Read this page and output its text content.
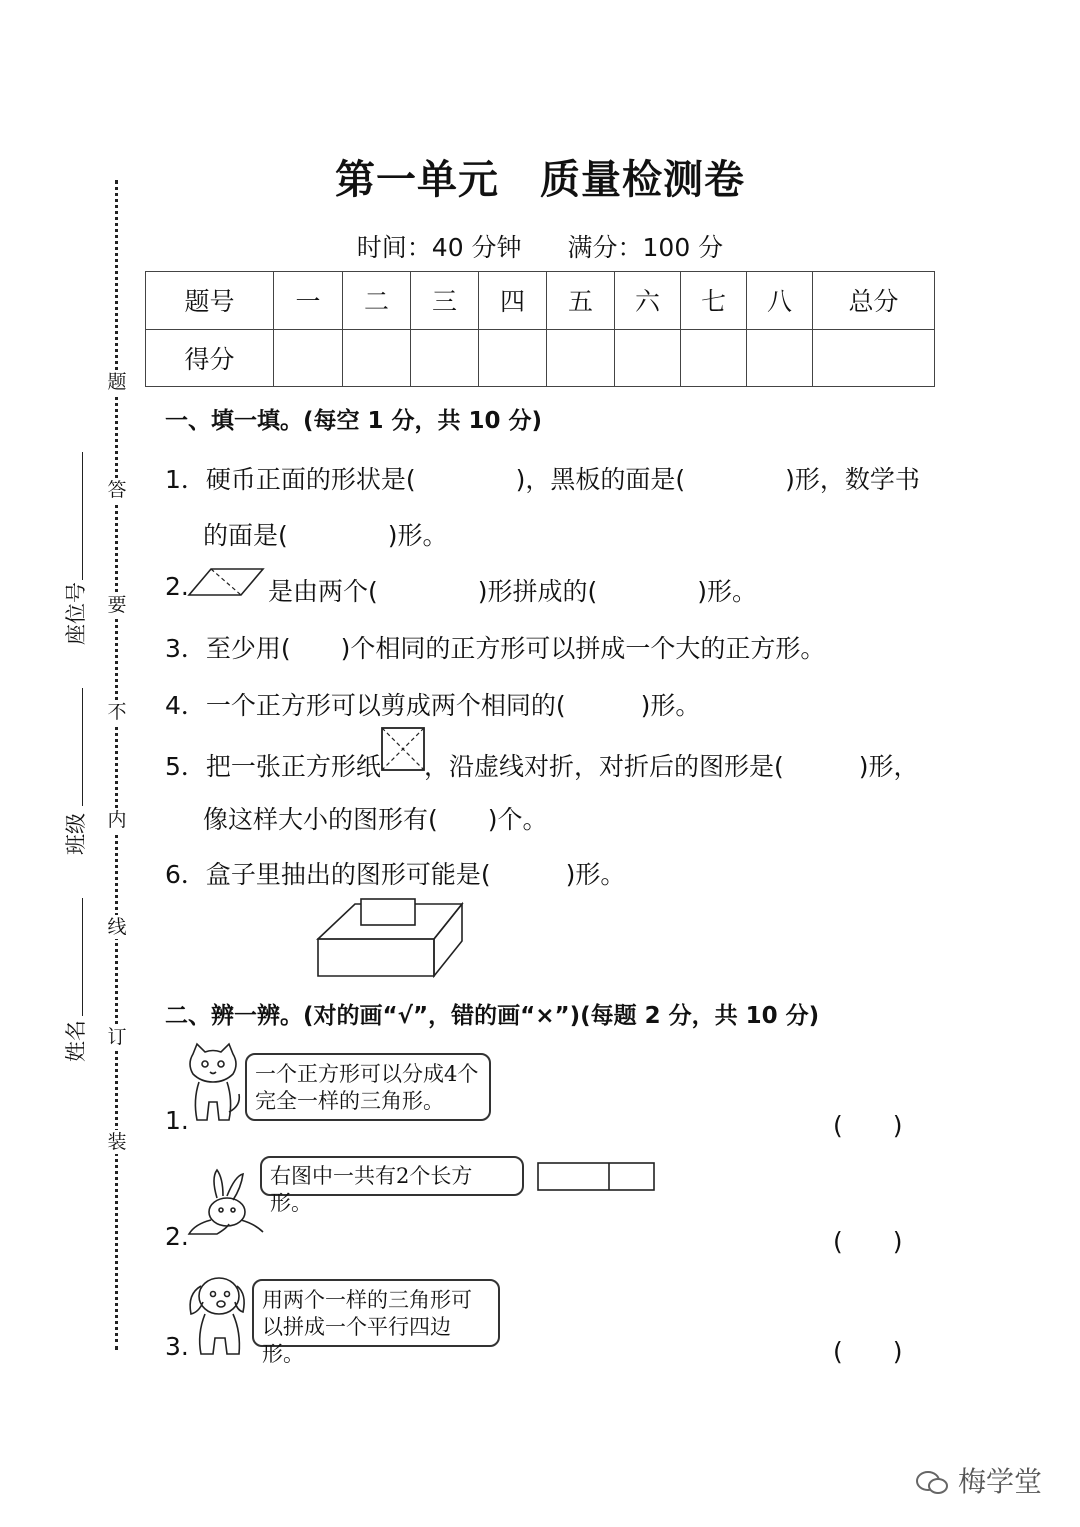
第一单元　质量检测卷
时间：40 分钟 满分：100 分
题号	一	二	三	四	五	六	七	八	总分
得分									
题
答
要
不
内
线
订
装
座位号
班级
姓名
一、填一填。(每空 1 分，共 10 分)
1．硬币正面的形状是(　　　　)，黑板的面是(　　　　)形，数学书
的面是(　　　　)形。
2.	是由两个(　　　　)形拼成的(　　　　)形。
3．至少用(　　)个相同的正方形可以拼成一个大的正方形。
4．一个正方形可以剪成两个相同的(　　　)形。
5．把一张正方形纸 ，沿虚线对折，对折后的图形是(　　　)形，
像这样大小的图形有(　　)个。
6．盒子里抽出的图形可能是(　　　)形。
二、辨一辨。(对的画“√”，错的画“×”)(每题 2 分，共 10 分)
一个正方形可以分成4个完全一样的三角形。
1.	(　　)
右图中一共有2个长方形。
2.	(　　)
用两个一样的三角形可以拼成一个平行四边形。
3.	(　　)
梅学堂
